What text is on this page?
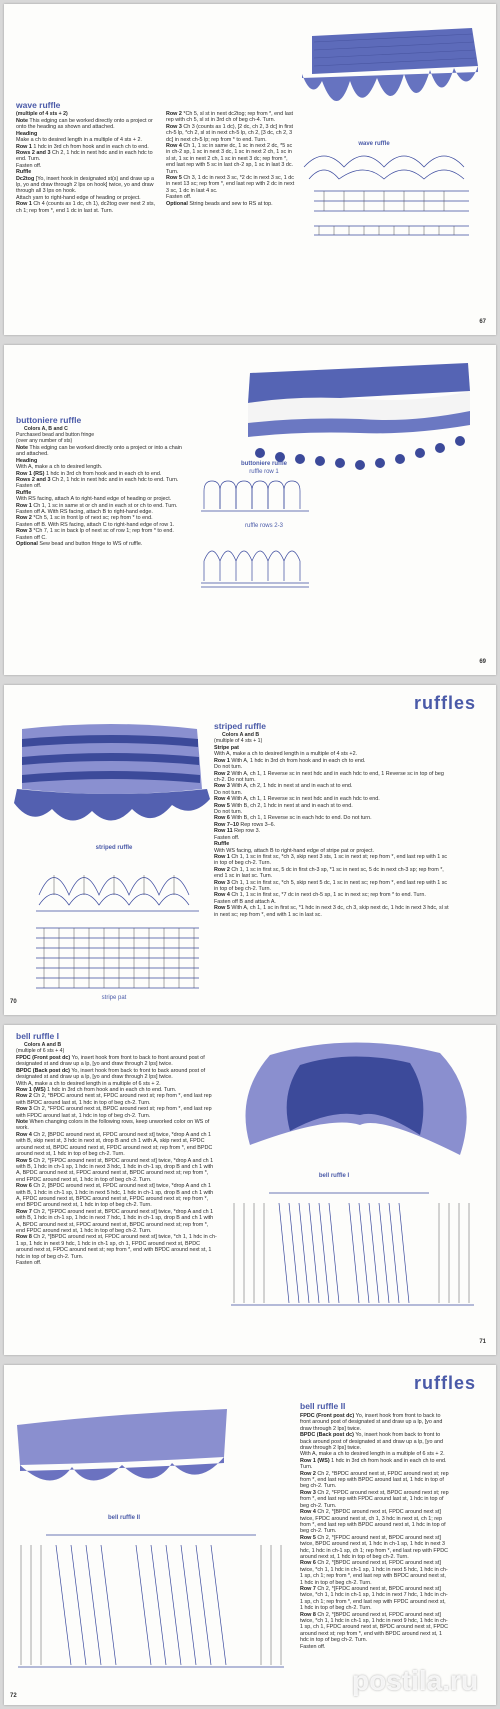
wave ruffle
(multiple of 4 sts + 2)

Note This edging can be worked directly onto a project or onto the heading as shown and attached.

Heading

Make a ch to desired length in a multiple of 4 sts + 2.

Row 1 1 hdc in 3rd ch from hook and in each ch to end.

Rows 2 and 3 Ch 2, 1 hdc in next hdc and in each hdc to end. Turn.

Fasten off.

Ruffle

Dc2tog [Yo, insert hook in designated st(s) and draw up a lp, yo and draw through 2 lps on hook] twice, yo and draw through all 3 lps on hook.

Attach yarn to right-hand edge of heading or project.

Row 1 Ch 4 (counts as 1 dc, ch 1), dc2tog over next 2 sts, ch 1; rep from *, end 1 dc in last st. Turn.

Row 2 *Ch 5, sl st in next dc2tog; rep from *, end last rep with ch 5, sl st in 3rd ch of beg ch-4. Turn.

Row 3 Ch 3 (counts as 1 dc), [2 dc, ch 2, 3 dc] in first ch-5 lp, *ch 2, sl st in next ch-5 lp, ch 2, [3 dc, ch 2, 3 dc] in next ch-5 lp; rep from * to end. Turn.

Row 4 Ch 1, 1 sc in same dc, 1 sc in next 2 dc, *5 sc in ch-2 sp, 1 sc in next 3 dc, 1 sc in next 2 ch, 1 sc in sl st, 1 sc in next 2 ch, 1 sc in next 3 dc; rep from *, end last rep with 5 sc in last ch-2 sp, 1 sc in last 3 dc. Turn.

Row 5 Ch 3, 1 dc in next 3 sc, *2 dc in next 3 sc, 1 dc in next 13 sc; rep from *, end last rep with 2 dc in next 3 sc, 1 dc in last 4 sc.

Fasten off.

Optional String beads and sew to RS at top.

wave ruffle
67
buttoniere ruffle
Colors A, B and C
Purchased bead and button fringe
(over any number of sts)

Note This edging can be worked directly onto a project or into a chain and attached.

Heading

With A, make a ch to desired length.

Row 1 (RS) 1 hdc in 3rd ch from hook and in each ch to end.

Rows 2 and 3 Ch 2, 1 hdc in next hdc and in each hdc to end. Turn.

Fasten off.

Ruffle

With RS facing, attach A to right-hand edge of heading or project.

Row 1 Ch 1, 1 sc in same st or ch and in each st or ch to end. Turn.

Fasten off A. With RS facing, attach B to right-hand edge.

Row 2 *Ch 5, 1 sc in front lp of next sc; rep from * to end.

Fasten off B. With RS facing, attach C to right-hand edge of row 1.

Row 3 *Ch 7, 1 sc in back lp of next sc of row 1; rep from * to end.

Fasten off C.

Optional Sew bead and button fringe to WS of ruffle.

buttoniere ruffle
ruffle row 1
ruffle rows 2-3
69
ruffles
striped ruffle
Colors A and B
(multiple of 4 sts + 1)

Stripe pat

With A, make a ch to desired length in a multiple of 4 sts +2.

Row 1 With A, 1 hdc in 3rd ch from hook and in each ch to end.

Do not turn.

Row 2 With A, ch 1, 1 Reverse sc in next hdc and in each hdc to end, 1 Reverse sc in top of beg ch-2. Do not turn.

Row 3 With A, ch 2, 1 hdc in next st and in each st to end.

Do not turn.

Row 4 With A, ch 1, 1 Reverse sc in next hdc and in each hdc to end.

Row 5 With B, ch 2, 1 hdc in next st and in each st to end.

Do not turn.

Row 6 With B, ch 1, 1 Reverse sc in each hdc to end. Do not turn.

Row 7–10 Rep rows 3–6.

Row 11 Rep row 3.

Fasten off.

Ruffle

With WS facing, attach B to right-hand edge of stripe pat or project.

Row 1 Ch 1, 1 sc in first sc, *ch 3, skip next 3 sts, 1 sc in next st; rep from *, end last rep with 1 sc in top of beg ch-2. Turn.

Row 2 Ch 1, 1 sc in first sc, 5 dc in first ch-3 sp, *1 sc in next sc, 5 dc in next ch-3 sp; rep from *, end 1 sc in last sc. Turn.

Row 3 Ch 1, 1 sc in first sc, *ch 5, skip next 5 dc, 1 sc in next sc; rep from *, end last rep with 1 sc in top of beg ch-2. Turn.

Row 4 Ch 1, 1 sc in first sc, *7 dc in next ch-5 sp, 1 sc in next sc; rep from * to end. Turn.

Fasten off B and attach A.

Row 5 With A, ch 1, 1 sc in first sc, *1 hdc in next 3 dc, ch 3, skip next dc, 1 hdc in next 3 hdc, sl st in next sc; rep from *, end with 1 sc in last sc.

striped ruffle
stripe pat
70
bell ruffle I
Colors A and B
(multiple of 6 sts + 4)

FPDC (Front post dc) Yo, insert hook from front to back to front around post of designated st and draw up a lp, [yo and draw through 2 lps] twice.

BPDC (Back post dc) Yo, insert hook from back to front to back around post of designated st and draw up a lp, [yo and draw through 2 lps] twice.

With A, make a ch to desired length in a multiple of 6 sts + 2.

Row 1 (WS) 1 hdc in 3rd ch from hook and in each ch to end. Turn.

Row 2 Ch 2, *BPDC around next st, FPDC around next st; rep from *, end last rep with BPDC around last st, 1 hdc in top of beg ch-2. Turn.

Row 3 Ch 2, *FPDC around next st, BPDC around next st; rep from *, end last rep with FPDC around last st, 1 hdc in top of beg ch-2. Turn.

Note When changing colors in the following rows, keep unworked color on WS of work.

Row 4 Ch 2, [BPDC around next st, FPDC around next st] twice, *drop A and ch 1 with B, skip next st, 3 hdc in next st, drop B and ch 1 with A, skip next st, FPDC around next st, BPDC around next st, FPDC around next st; rep from *, end BPDC around next st, 1 hdc in top of beg ch-2. Turn.

Row 5 Ch 2, *[FPDC around next st, BPDC around next st] twice, *drop A and ch 1 with B, 1 hdc in ch-1 sp, 1 hdc in next 3 hdc, 1 hdc in ch-1 sp, drop B and ch 1 with A, BPDC around next st, FPDC around next st, BPDC around next st; rep from *, end FPDC around next st, 1 hdc in top of beg ch-2. Turn.

Row 6 Ch 2, [BPDC around next st, FPDC around next st] twice, *drop A and ch 1 with B, 1 hdc in ch-1 sp, 1 hdc in next 5 hdc, 1 hdc in ch-1 sp, drop B and ch 1 with A, FPDC around next st, BPDC around next st, FPDC around next st; rep from *, end BPDC around next st, 1 hdc in top of beg ch-2. Turn.

Row 7 Ch 2, *[FPDC around next st, BPDC around next st] twice, *drop A and ch 1 with B, 1 hdc in ch-1 sp, 1 hdc in next 7 hdc, 1 hdc in ch-1 sp, drop B and ch 1 with A, BPDC around next st, FPDC around next st, BPDC around next st; rep from *, end FPDC around next st, 1 hdc in top of beg ch-2. Turn.

Row 8 Ch 2, *[BPDC around next st, FPDC around next st] twice, *ch 1, 1 hdc in ch-1 sp, 1 hdc in next 9 hdc, 1 hdc in ch-1 sp, ch 1, FPDC around next st, BPDC around next st, FPDC around next st; rep from *, end with BPDC around next st, 1 hdc in top of beg ch-2. Turn.

Fasten off.

bell ruffle I
71
ruffles
bell ruffle II

FPDC (Front post dc) Yo, insert hook from front to back to front around post of designated st and draw up a lp, [yo and draw through 2 lps] twice.

BPDC (Back post dc) Yo, insert hook from back to front to back around post of designated st and draw up a lp, [yo and draw through 2 lps] twice.

With A, make a ch to desired length in a multiple of 6 sts + 2.

Row 1 (WS) 1 hdc in 3rd ch from hook and in each ch to end. Turn.

Row 2 Ch 2, *BPDC around next st, FPDC around next st; rep from *, end last rep with BPDC around last st, 1 hdc in top of beg ch-2. Turn.

Row 3 Ch 2, *FPDC around next st, BPDC around next st; rep from *, end last rep with FPDC around last st, 1 hdc in top of beg ch-2. Turn.

Row 4 Ch 2, *[BPDC around next st, FPDC around next st] twice, FPDC around next st, ch 1, 3 hdc in next st, ch 1; rep from *, end last rep with BPDC around next st, 1 hdc in top of beg ch-2. Turn.

Row 5 Ch 2, *[FPDC around next st, BPDC around next st] twice, BPDC around next st, 1 hdc in ch-1 sp, 1 hdc in next 3 hdc, 1 hdc in ch-1 sp, ch 1; rep from *, end last rep with FPDC around next st, 1 hdc in top of beg ch-2. Turn.

Row 6 Ch 2, *[BPDC around next st, FPDC around next st] twice, *ch 1, 1 hdc in ch-1 sp, 1 hdc in next 5 hdc, 1 hdc in ch-1 sp, ch 1; rep from *, end last rep with BPDC around next st, 1 hdc in top of beg ch-2. Turn.

Row 7 Ch 2, *[FPDC around next st, BPDC around next st] twice, *ch 1, 1 hdc in ch-1 sp, 1 hdc in next 7 hdc, 1 hdc in ch-1 sp, ch 1; rep from *, end last rep with FPDC around next st, 1 hdc in top of beg ch-2. Turn.

Row 8 Ch 2, *[BPDC around next st, FPDC around next st] twice, *ch 1, 1 hdc in ch-1 sp, 1 hdc in next 9 hdc, 1 hdc in ch-1 sp, ch 1, FPDC around next st, BPDC around next st, FPDC around next st; rep from *, end with BPDC around next st, 1 hdc in top of beg ch-2. Turn.

Fasten off.

bell ruffle II
72	postila.ru
